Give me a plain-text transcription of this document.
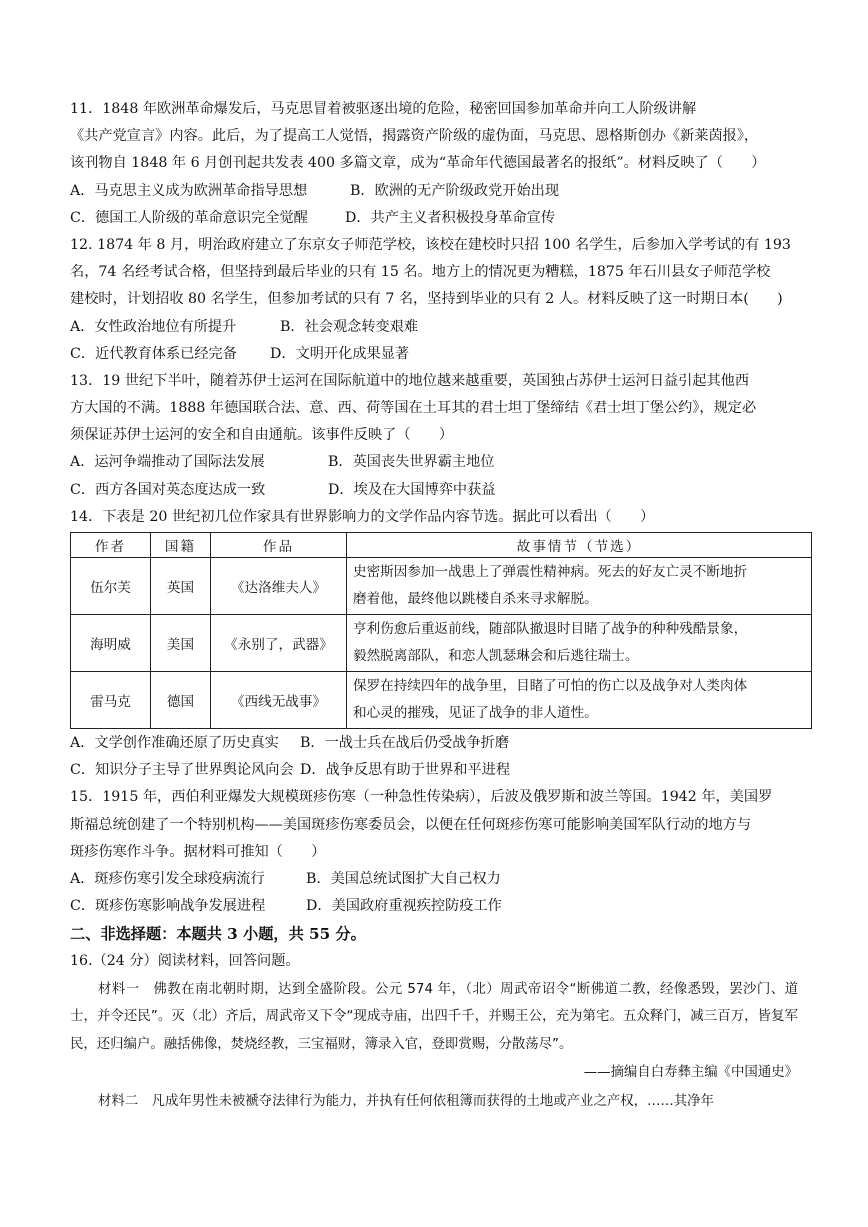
11．1848 年欧洲革命爆发后，马克思冒着被驱逐出境的危险，秘密回国参加革命并向工人阶级讲解
《共产党宣言》内容。此后，为了提高工人觉悟，揭露资产阶级的虚伪面，马克思、恩格斯创办《新莱茵报》，
该刊物自 1848 年 6 月创刊起共发表 400 多篇文章，成为“革命年代德国最著名的报纸”。材料反映了（　　）
A．马克思主义成为欧洲革命指导思想	B．欧洲的无产阶级政党开始出现
C．德国工人阶级的革命意识完全觉醒	D．共产主义者积极投身革命宣传
12. 1874 年 8 月，明治政府建立了东京女子师范学校，该校在建校时只招 100 名学生，后参加入学考试的有 193
名，74 名经考试合格，但坚持到最后毕业的只有 15 名。地方上的情况更为糟糕，1875 年石川县女子师范学校
建校时，计划招收 80 名学生，但参加考试的只有 7 名，坚持到毕业的只有 2 人。材料反映了这一时期日本(　　)
A．女性政治地位有所提升	B．社会观念转变艰难
C．近代教育体系已经完备 D．文明开化成果显著
13．19 世纪下半叶，随着苏伊士运河在国际航道中的地位越来越重要，英国独占苏伊士运河日益引起其他西
方大国的不满。1888 年德国联合法、意、西、荷等国在土耳其的君士坦丁堡缔结《君士坦丁堡公约》，规定必
须保证苏伊士运河的安全和自由通航。该事件反映了（　　）
A．运河争端推动了国际法发展	B．英国丧失世界霸主地位
C．西方各国对英态度达成一致	D．埃及在大国博弈中获益
14．下表是 20 世纪初几位作家具有世界影响力的文学作品内容节选。据此可以看出（　　）
作者	国籍	作品	故事情节（节选）
伍尔芙	英国	《达洛维夫人》	史密斯因参加一战患上了弹震性精神病。死去的好友亡灵不断地折
磨着他，最终他以跳楼自杀来寻求解脱。
海明威	美国	《永别了，武器》	亨利伤愈后重返前线，随部队撤退时目睹了战争的种种残酷景象，
毅然脱离部队，和恋人凯瑟琳会和后逃往瑞士。
雷马克	德国	《西线无战事》	保罗在持续四年的战争里，目睹了可怕的伤亡以及战争对人类肉体
和心灵的摧残，见证了战争的非人道性。
A．文学创作准确还原了历史真实 B．一战士兵在战后仍受战争折磨
C．知识分子主导了世界舆论风向会 D．战争反思有助于世界和平进程
15．1915 年，西伯利亚爆发大规模斑疹伤寒（一种急性传染病），后波及俄罗斯和波兰等国。1942 年，美国罗
斯福总统创建了一个特别机构——美国斑疹伤寒委员会，以便在任何斑疹伤寒可能影响美国军队行动的地方与
斑疹伤寒作斗争。据材料可推知（　　）
A．斑疹伤寒引发全球疫病流行	B．美国总统试图扩大自己权力
C．斑疹伤寒影响战争发展进程	D．美国政府重视疾控防疫工作
二、非选择题：本题共 3 小题，共 55 分。
16.（24 分）阅读材料，回答问题。
材料一　佛教在南北朝时期，达到全盛阶段。公元 574 年，（北）周武帝诏令“断佛道二教，经像悉毁，罢沙门、道士，并令还民”。灭（北）齐后，周武帝又下令“现成寺庙，出四千千，并赐王公，充为第宅。五众释门，减三百万，皆复军民，还归编户。融括佛像，焚烧经教，三宝福财，簿录入官，登即赏赐，分散荡尽”。
——摘编自白寿彝主编《中国通史》
材料二　凡成年男性未被褫夺法律行为能力，并执有任何依租簿而获得的土地或产业之产权，……其净年
